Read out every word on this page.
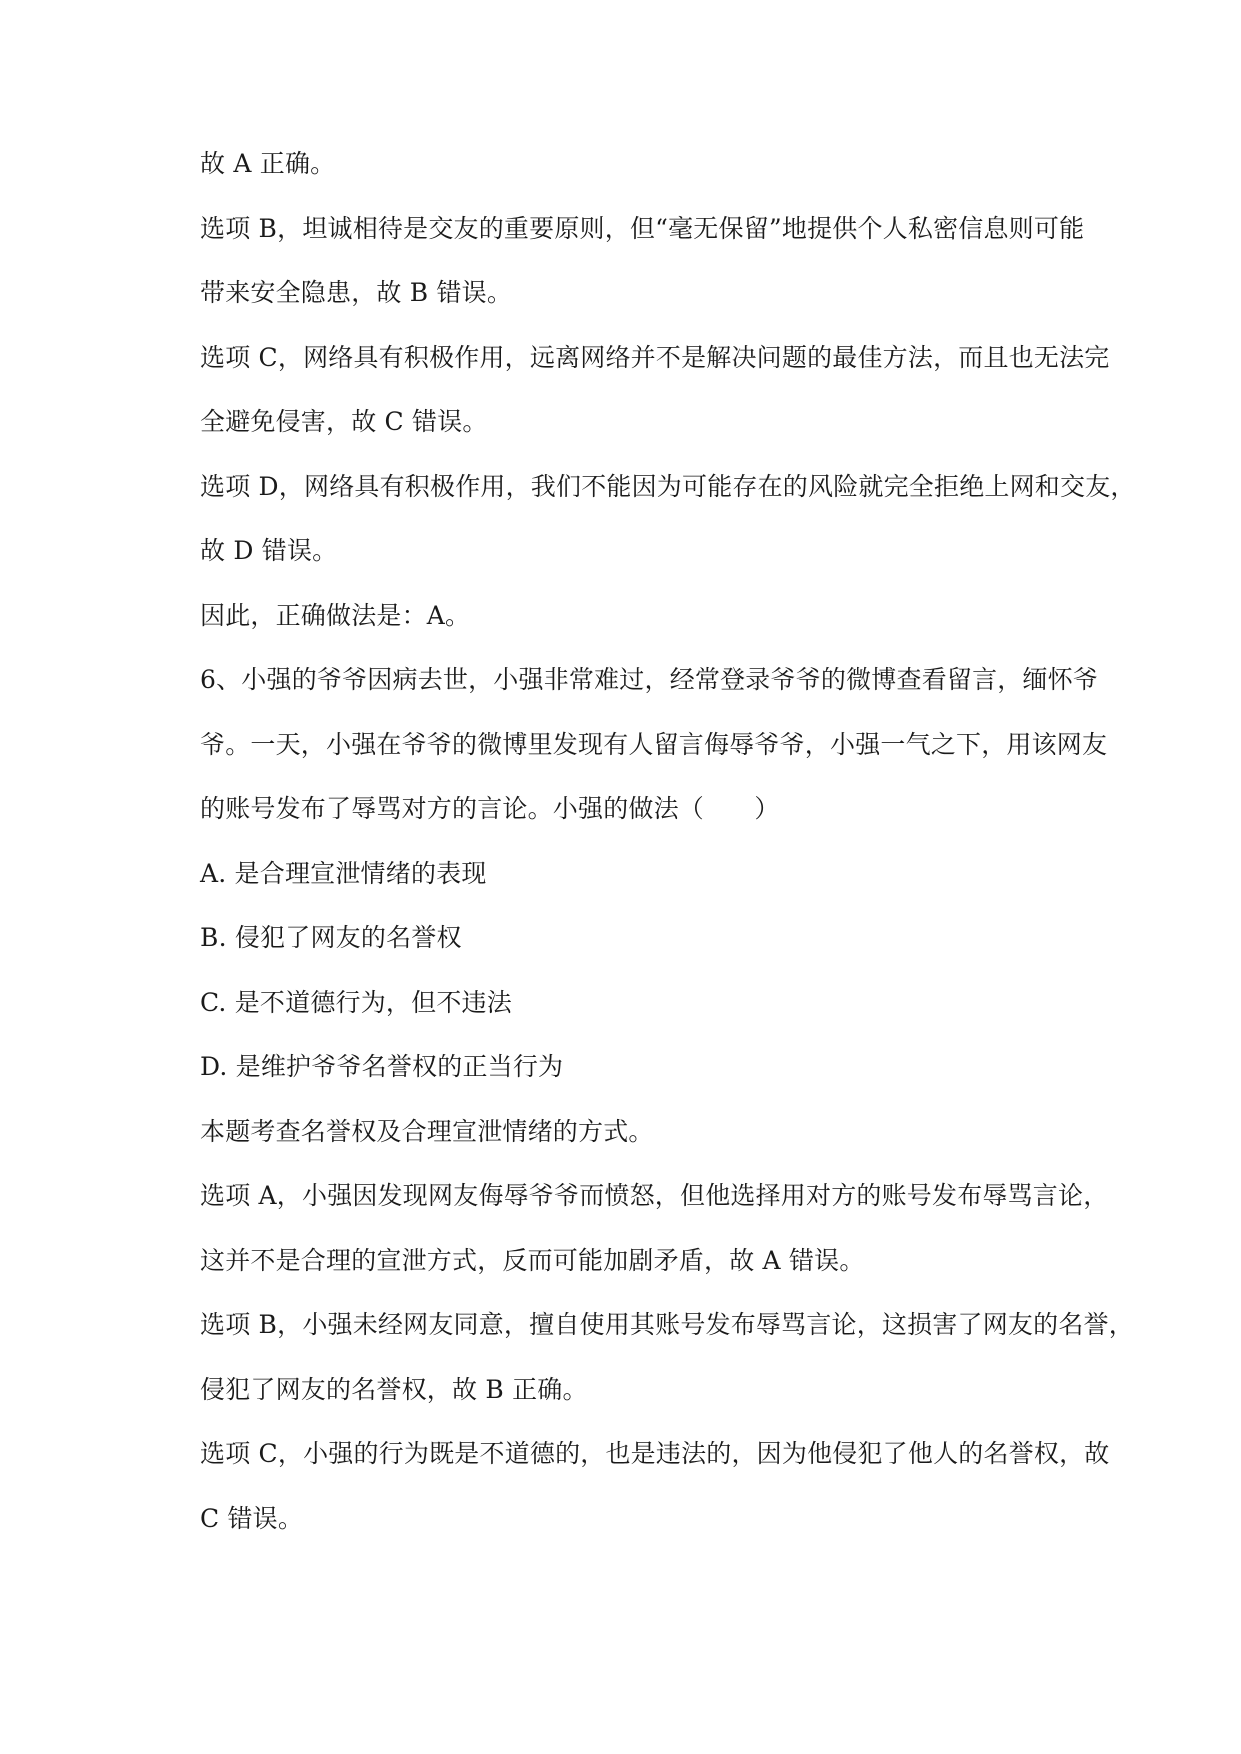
故 A 正确。
选项 B，坦诚相待是交友的重要原则，但“毫无保留”地提供个人私密信息则可能
带来安全隐患，故 B 错误。
选项 C，网络具有积极作用，远离网络并不是解决问题的最佳方法，而且也无法完
全避免侵害，故 C 错误。
选项 D，网络具有积极作用，我们不能因为可能存在的风险就完全拒绝上网和交友，
故 D 错误。
因此，正确做法是：A。
6、小强的爷爷因病去世，小强非常难过，经常登录爷爷的微博查看留言，缅怀爷
爷。一天，小强在爷爷的微博里发现有人留言侮辱爷爷，小强一气之下，用该网友
的账号发布了辱骂对方的言论。小强的做法（　　）
A. 是合理宣泄情绪的表现
B. 侵犯了网友的名誉权
C. 是不道德行为，但不违法
D. 是维护爷爷名誉权的正当行为
本题考查名誉权及合理宣泄情绪的方式。
选项 A，小强因发现网友侮辱爷爷而愤怒，但他选择用对方的账号发布辱骂言论，
这并不是合理的宣泄方式，反而可能加剧矛盾，故 A 错误。
选项 B，小强未经网友同意，擅自使用其账号发布辱骂言论，这损害了网友的名誉，
侵犯了网友的名誉权，故 B 正确。
选项 C，小强的行为既是不道德的，也是违法的，因为他侵犯了他人的名誉权，故
C 错误。
